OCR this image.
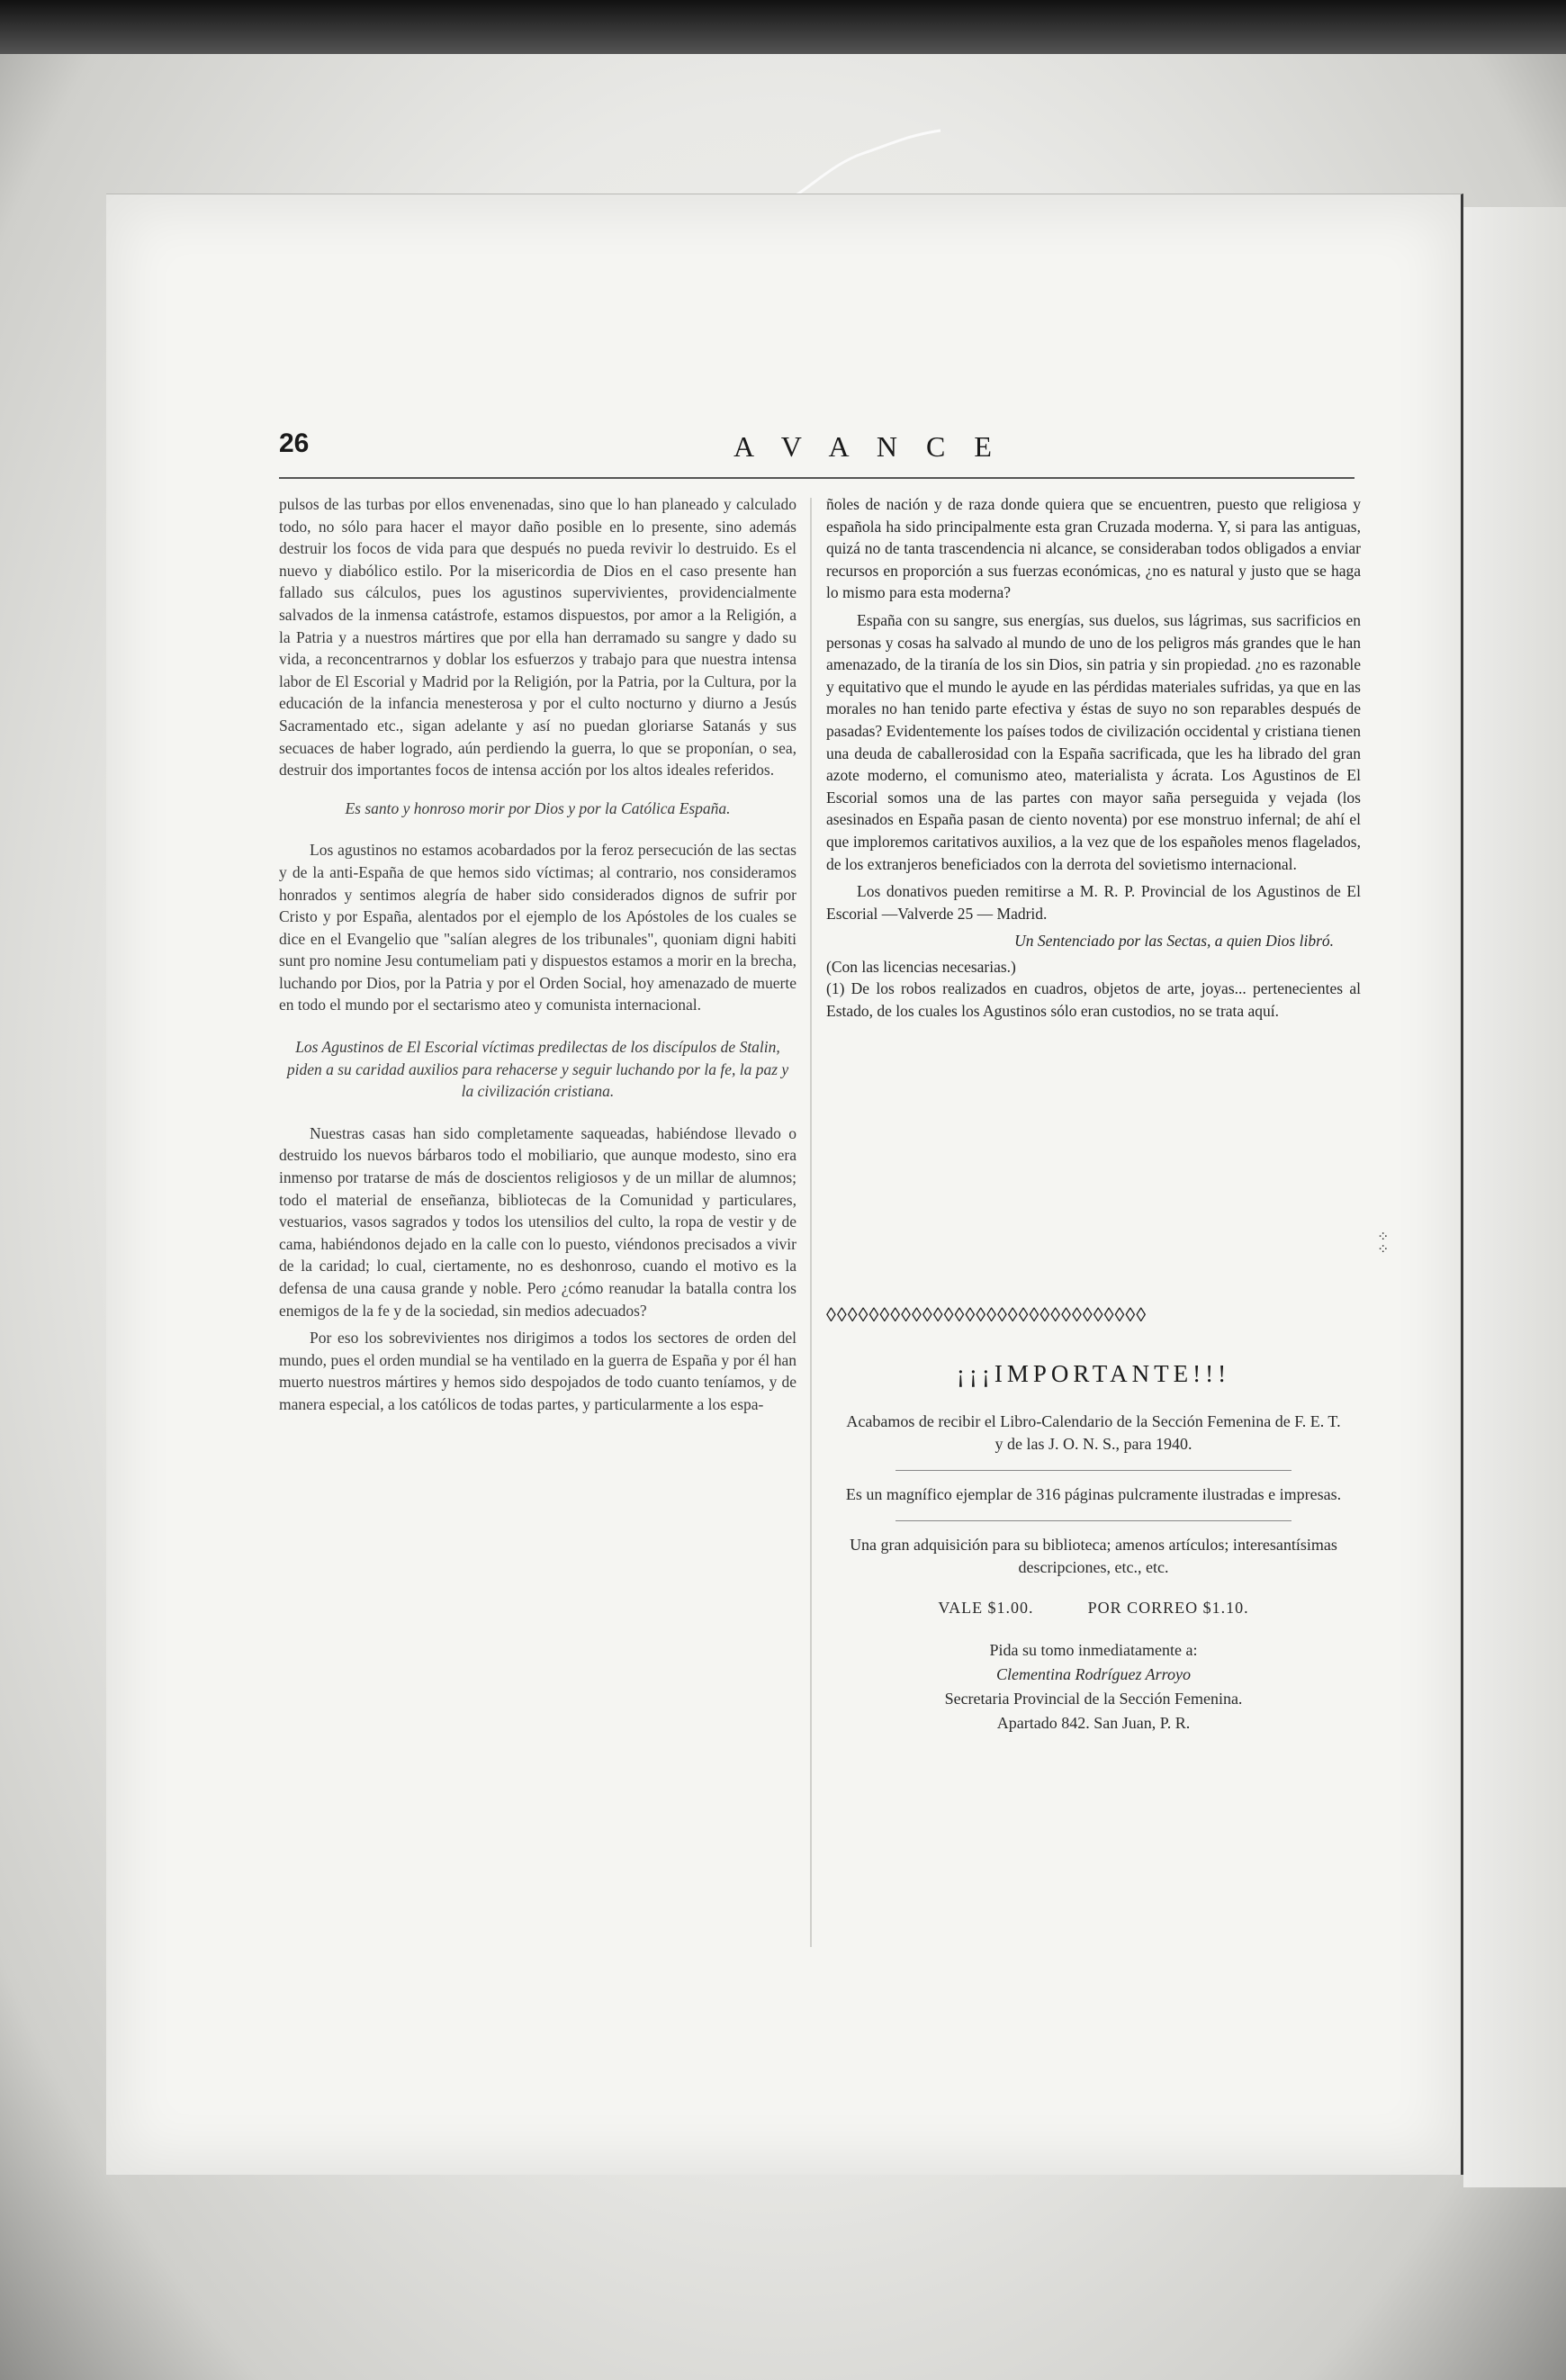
26	A V A N C E

pulsos de las turbas por ellos envenenadas, sino que lo han planeado y calculado todo, no sólo para hacer el mayor daño posible en lo presente, sino además destruir los focos de vida para que después no pueda revivir lo destruido. Es el nuevo y diabólico estilo. Por la misericordia de Dios en el caso presente han fallado sus cálculos, pues los agustinos supervivientes, providencialmente salvados de la inmensa catástrofe, estamos dispuestos, por amor a la Religión, a la Patria y a nuestros mártires que por ella han derramado su sangre y dado su vida, a reconcentrarnos y doblar los esfuerzos y trabajo para que nuestra intensa labor de El Escorial y Madrid por la Religión, por la Patria, por la Cultura, por la educación de la infancia menesterosa y por el culto nocturno y diurno a Jesús Sacramentado etc., sigan adelante y así no puedan gloriarse Satanás y sus secuaces de haber logrado, aún perdiendo la guerra, lo que se proponían, o sea, destruir dos importantes focos de intensa acción por los altos ideales referidos.

Es santo y honroso morir por Dios y por la Católica España.

Los agustinos no estamos acobardados por la feroz persecución de las sectas y de la anti-España de que hemos sido víctimas; al contrario, nos consideramos honrados y sentimos alegría de haber sido considerados dignos de sufrir por Cristo y por España, alentados por el ejemplo de los Apóstoles de los cuales se dice en el Evangelio que "salían alegres de los tribunales", quoniam digni habiti sunt pro nomine Jesu contumeliam pati y dispuestos estamos a morir en la brecha, luchando por Dios, por la Patria y por el Orden Social, hoy amenazado de muerte en todo el mundo por el sectarismo ateo y comunista internacional.

Los Agustinos de El Escorial víctimas predilectas de los discípulos de Stalin, piden a su caridad auxilios para rehacerse y seguir luchando por la fe, la paz y la civilización cristiana.

Nuestras casas han sido completamente saqueadas, habiéndose llevado o destruido los nuevos bárbaros todo el mobiliario, que aunque modesto, sino era inmenso por tratarse de más de doscientos religiosos y de un millar de alumnos; todo el material de enseñanza, bibliotecas de la Comunidad y particulares, vestuarios, vasos sagrados y todos los utensilios del culto, la ropa de vestir y de cama, habiéndonos dejado en la calle con lo puesto, viéndonos precisados a vivir de la caridad; lo cual, ciertamente, no es deshonroso, cuando el motivo es la defensa de una causa grande y noble. Pero ¿cómo reanudar la batalla contra los enemigos de la fe y de la sociedad, sin medios adecuados?

Por eso los sobrevivientes nos dirigimos a todos los sectores de orden del mundo, pues el orden mundial se ha ventilado en la guerra de España y por él han muerto nuestros mártires y hemos sido despojados de todo cuanto teníamos, y de manera especial, a los católicos de todas partes, y particularmente a los espa-

ñoles de nación y de raza donde quiera que se encuentren, puesto que religiosa y española ha sido principalmente esta gran Cruzada moderna. Y, si para las antiguas, quizá no de tanta trascendencia ni alcance, se consideraban todos obligados a enviar recursos en proporción a sus fuerzas económicas, ¿no es natural y justo que se haga lo mismo para esta moderna?

España con su sangre, sus energías, sus duelos, sus lágrimas, sus sacrificios en personas y cosas ha salvado al mundo de uno de los peligros más grandes que le han amenazado, de la tiranía de los sin Dios, sin patria y sin propiedad. ¿no es razonable y equitativo que el mundo le ayude en las pérdidas materiales sufridas, ya que en las morales no han tenido parte efectiva y éstas de suyo no son reparables después de pasadas? Evidentemente los países todos de civilización occidental y cristiana tienen una deuda de caballerosidad con la España sacrificada, que les ha librado del gran azote moderno, el comunismo ateo, materialista y ácrata. Los Agustinos de El Escorial somos una de las partes con mayor saña perseguida y vejada (los asesinados en España pasan de ciento noventa) por ese monstruo infernal; de ahí el que imploremos caritativos auxilios, a la vez que de los españoles menos flagelados, de los extranjeros beneficiados con la derrota del sovietismo internacional.

Los donativos pueden remitirse a M. R. P. Provincial de los Agustinos de El Escorial —Valverde 25 — Madrid.

Un Sentenciado por las Sectas, a quien Dios libró.

(Con las licencias necesarias.)

(1) De los robos realizados en cuadros, objetos de arte, joyas... pertenecientes al Estado, de los cuales los Agustinos sólo eran custodios, no se trata aquí.

◊◊◊◊◊◊◊◊◊◊◊◊◊◊◊◊◊◊◊◊◊◊◊◊◊◊◊◊◊◊
¡¡¡IMPORTANTE!!!

Acabamos de recibir el Libro-Calendario de la Sección Femenina de F. E. T. y de las J. O. N. S., para 1940.

Es un magnífico ejemplar de 316 páginas pulcramente ilustradas e impresas.

Una gran adquisición para su biblioteca; amenos artículos; interesantísimas descripciones, etc., etc.

VALE $1.00.	POR CORREO $1.10.

Pida su tomo inmediatamente a:

Clementina Rodríguez Arroyo

Secretaria Provincial de la Sección Femenina.

Apartado 842. San Juan, P. R.

⁘
⁘
